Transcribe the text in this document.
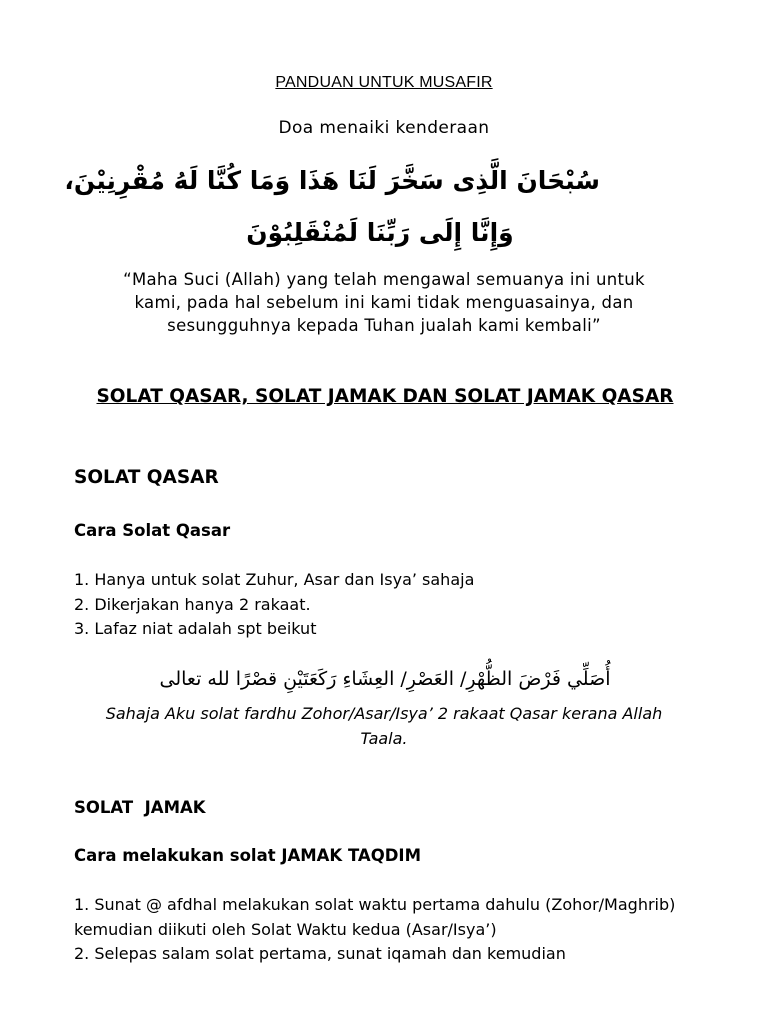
PANDUAN UNTUK MUSAFIR
Doa menaiki kenderaan
سُبْحَانَ الَّذِى سَخَّرَ لَنَا هَذَا وَمَا كُنَّا لَهُ مُقْرِنِيْنَ،
وَإِنَّا إِلَى رَبِّنَا لَمُنْقَلِبُوْنَ
“Maha Suci (Allah) yang telah mengawal semuanya ini untuk kami, pada hal sebelum ini kami tidak menguasainya, dan sesungguhnya kepada Tuhan jualah kami kembali”
SOLAT QASAR, SOLAT JAMAK DAN SOLAT JAMAK QASAR
SOLAT QASAR
Cara Solat Qasar
1. Hanya untuk solat Zuhur, Asar dan Isya’ sahaja
2. Dikerjakan hanya 2 rakaat.
3. Lafaz niat adalah spt beikut
أُصَلِّي فَرْضَ الظُّهْرِ/ العَصْرِ/ العِشَاءِ رَكَعَتَيْنِ قصْرًا لله تعالى
Sahaja Aku solat fardhu Zohor/Asar/Isya’ 2 rakaat Qasar kerana Allah Taala.
SOLAT  JAMAK
Cara melakukan solat JAMAK TAQDIM
1. Sunat @ afdhal melakukan solat waktu pertama dahulu (Zohor/Maghrib) kemudian diikuti oleh Solat Waktu kedua (Asar/Isya’)
2. Selepas salam solat pertama, sunat iqamah dan kemudian
